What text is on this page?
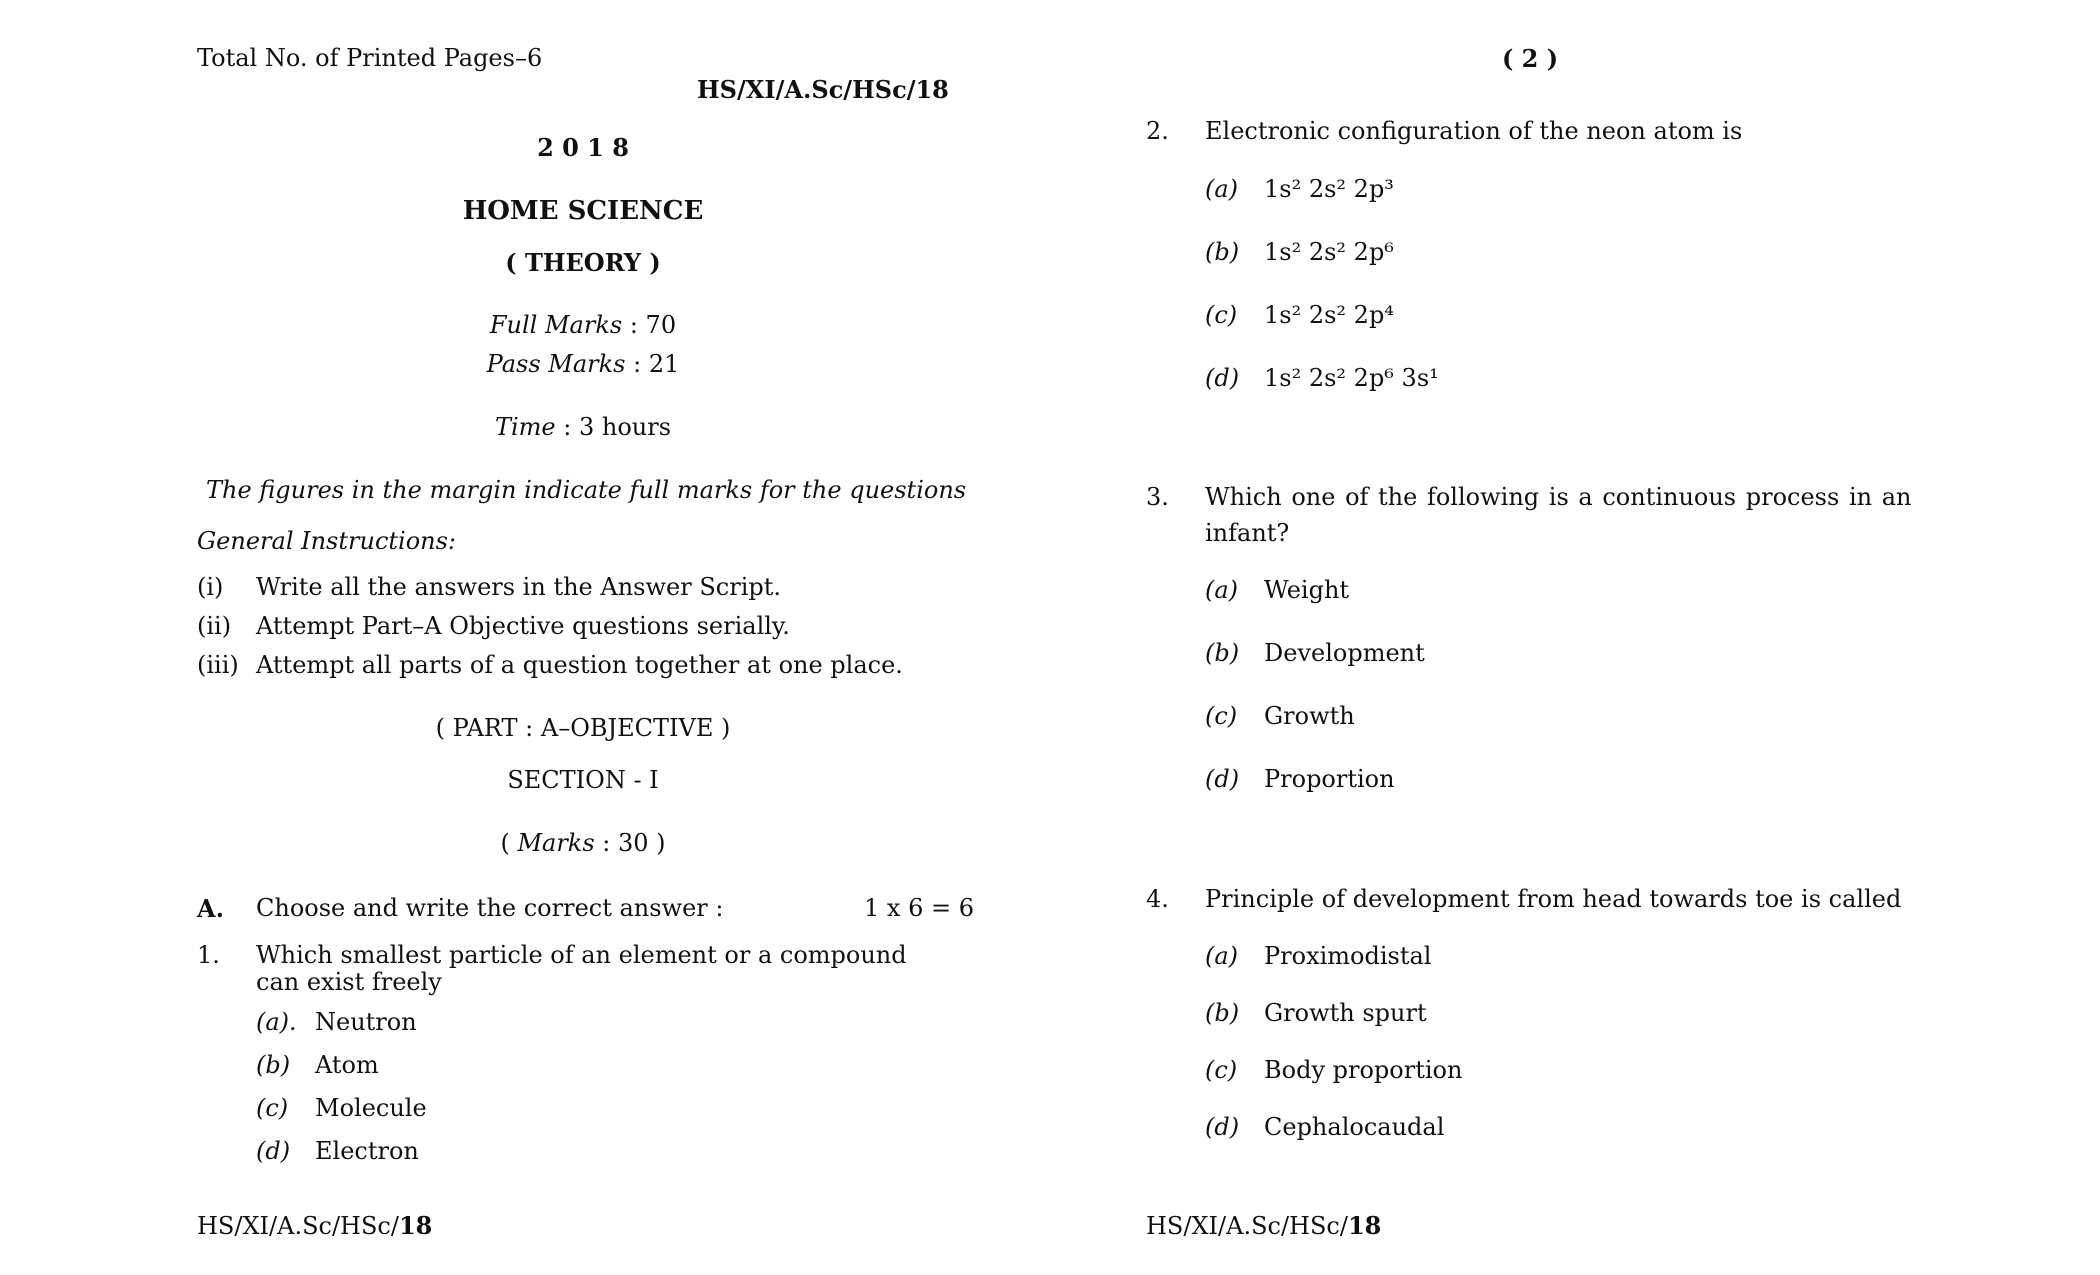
Total No. of Printed Pages–6
HS/XI/A.Sc/HSc/18
2 0 1 8
HOME SCIENCE
( THEORY )
Full Marks : 70
Pass Marks : 21
Time : 3 hours
The figures in the margin indicate full marks for the questions
General Instructions:
(i) Write all the answers in the Answer Script.
(ii) Attempt Part–A Objective questions serially.
(iii) Attempt all parts of a question together at one place.
( PART : A–OBJECTIVE )
SECTION - I
( Marks : 30 )
A. Choose and write the correct answer :	1 x 6 = 6
1. Which smallest particle of an element or a compound
can exist freely
(a). Neutron
(b) Atom
(c) Molecule
(d) Electron
HS/XI/A.Sc/HSc/18
( 2 )
2. Electronic configuration of the neon atom is
(a) 1s² 2s² 2p³
(b) 1s² 2s² 2p⁶
(c) 1s² 2s² 2p⁴
(d) 1s² 2s² 2p⁶ 3s¹
3. Which one of the following is a continuous process in an
infant?
(a) Weight
(b) Development
(c) Growth
(d) Proportion
4. Principle of development from head towards toe is called
(a) Proximodistal
(b) Growth spurt
(c) Body proportion
(d) Cephalocaudal
HS/XI/A.Sc/HSc/18
